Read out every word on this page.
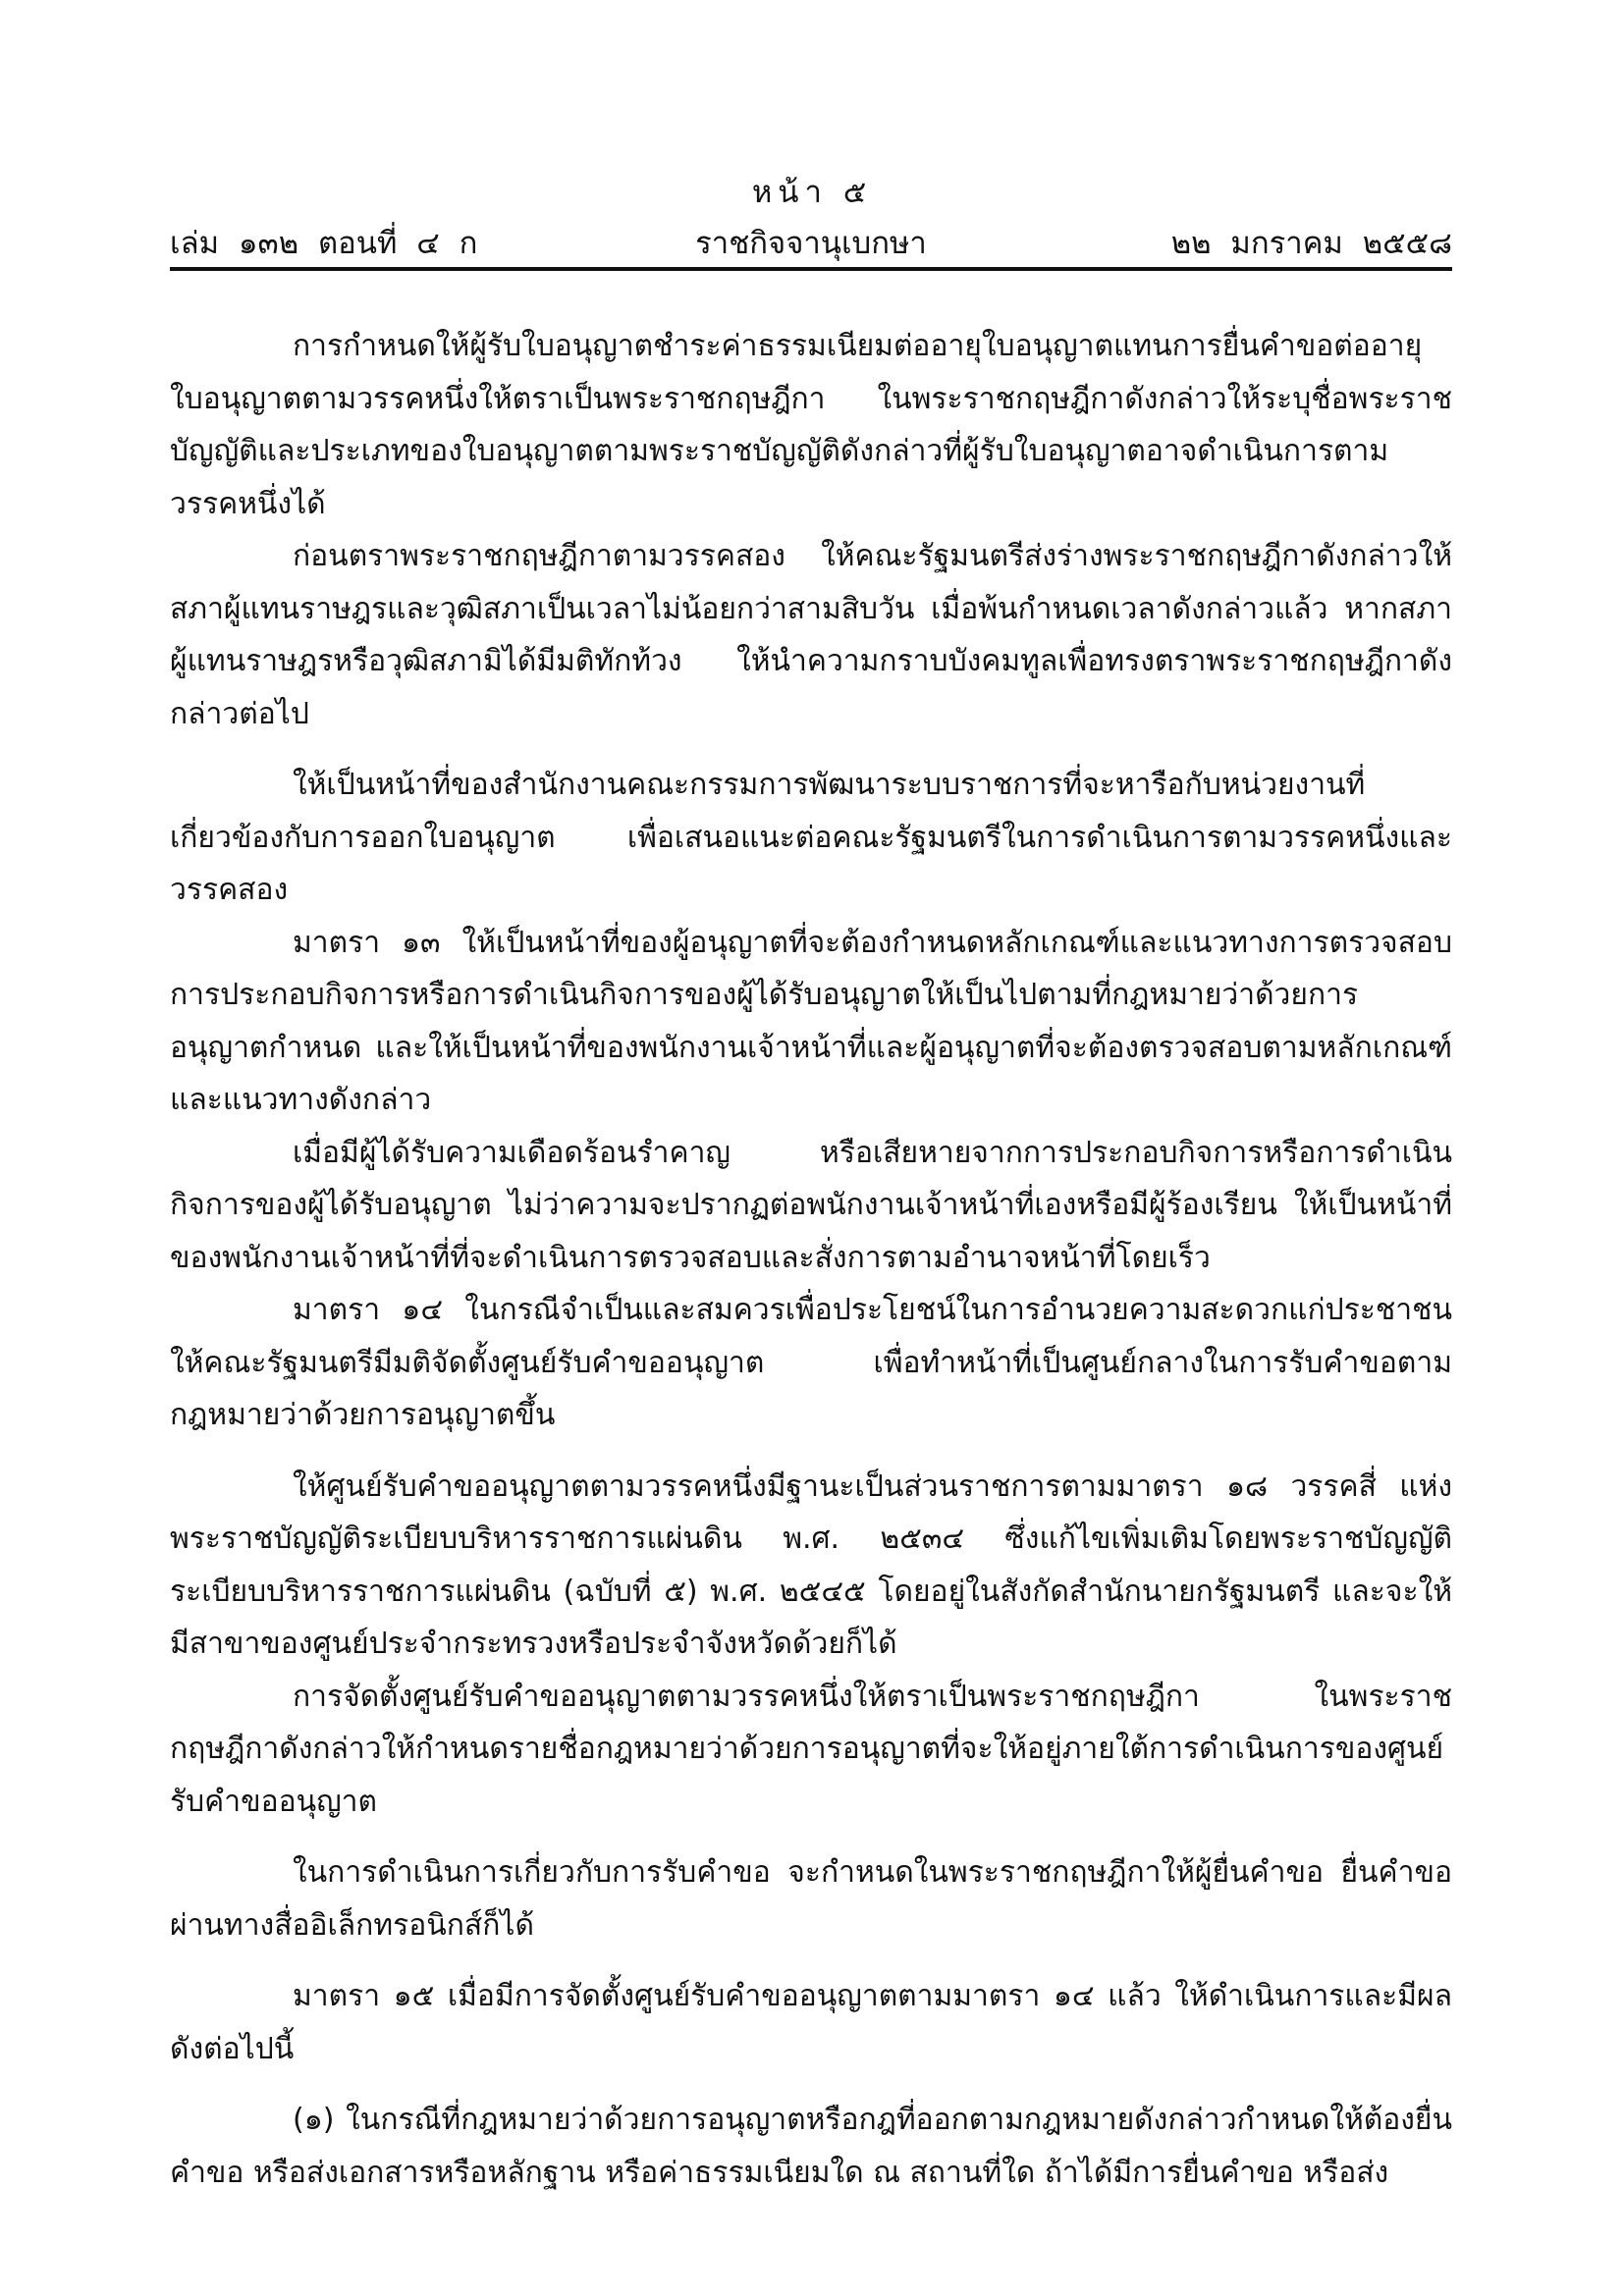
หน้า ๕
เล่ม ๑๓๒ ตอนที่ ๔ ก	ราชกิจจานุเบกษา	๒๒ มกราคม ๒๕๕๘

การกำหนดให้ผู้รับใบอนุญาตชำระค่าธรรมเนียมต่ออายุใบอนุญาตแทนการยื่นคำขอต่ออายุใบอนุญาตตามวรรคหนึ่งให้ตราเป็นพระราชกฤษฎีกา ในพระราชกฤษฎีกาดังกล่าวให้ระบุชื่อพระราชบัญญัติและประเภทของใบอนุญาตตามพระราชบัญญัติดังกล่าวที่ผู้รับใบอนุญาตอาจดำเนินการตามวรรคหนึ่งได้

ก่อนตราพระราชกฤษฎีกาตามวรรคสอง ให้คณะรัฐมนตรีส่งร่างพระราชกฤษฎีกาดังกล่าวให้สภาผู้แทนราษฎรและวุฒิสภาเป็นเวลาไม่น้อยกว่าสามสิบวัน เมื่อพ้นกำหนดเวลาดังกล่าวแล้ว หากสภาผู้แทนราษฎรหรือวุฒิสภามิได้มีมติทักท้วง ให้นำความกราบบังคมทูลเพื่อทรงตราพระราชกฤษฎีกาดังกล่าวต่อไป

ให้เป็นหน้าที่ของสำนักงานคณะกรรมการพัฒนาระบบราชการที่จะหารือกับหน่วยงานที่เกี่ยวข้องกับการออกใบอนุญาต เพื่อเสนอแนะต่อคณะรัฐมนตรีในการดำเนินการตามวรรคหนึ่งและวรรคสอง

มาตรา ๑๓ ให้เป็นหน้าที่ของผู้อนุญาตที่จะต้องกำหนดหลักเกณฑ์และแนวทางการตรวจสอบการประกอบกิจการหรือการดำเนินกิจการของผู้ได้รับอนุญาตให้เป็นไปตามที่กฎหมายว่าด้วยการอนุญาตกำหนด และให้เป็นหน้าที่ของพนักงานเจ้าหน้าที่และผู้อนุญาตที่จะต้องตรวจสอบตามหลักเกณฑ์และแนวทางดังกล่าว

เมื่อมีผู้ได้รับความเดือดร้อนรำคาญ หรือเสียหายจากการประกอบกิจการหรือการดำเนินกิจการของผู้ได้รับอนุญาต ไม่ว่าความจะปรากฏต่อพนักงานเจ้าหน้าที่เองหรือมีผู้ร้องเรียน ให้เป็นหน้าที่ของพนักงานเจ้าหน้าที่ที่จะดำเนินการตรวจสอบและสั่งการตามอำนาจหน้าที่โดยเร็ว

มาตรา ๑๔ ในกรณีจำเป็นและสมควรเพื่อประโยชน์ในการอำนวยความสะดวกแก่ประชาชน ให้คณะรัฐมนตรีมีมติจัดตั้งศูนย์รับคำขออนุญาต เพื่อทำหน้าที่เป็นศูนย์กลางในการรับคำขอตามกฎหมายว่าด้วยการอนุญาตขึ้น

ให้ศูนย์รับคำขออนุญาตตามวรรคหนึ่งมีฐานะเป็นส่วนราชการตามมาตรา ๑๘ วรรคสี่ แห่งพระราชบัญญัติระเบียบบริหารราชการแผ่นดิน พ.ศ. ๒๕๓๔ ซึ่งแก้ไขเพิ่มเติมโดยพระราชบัญญัติระเบียบบริหารราชการแผ่นดิน (ฉบับที่ ๕) พ.ศ. ๒๕๔๕ โดยอยู่ในสังกัดสำนักนายกรัฐมนตรี และจะให้มีสาขาของศูนย์ประจำกระทรวงหรือประจำจังหวัดด้วยก็ได้

การจัดตั้งศูนย์รับคำขออนุญาตตามวรรคหนึ่งให้ตราเป็นพระราชกฤษฎีกา ในพระราชกฤษฎีกาดังกล่าวให้กำหนดรายชื่อกฎหมายว่าด้วยการอนุญาตที่จะให้อยู่ภายใต้การดำเนินการของศูนย์รับคำขออนุญาต

ในการดำเนินการเกี่ยวกับการรับคำขอ จะกำหนดในพระราชกฤษฎีกาให้ผู้ยื่นคำขอ ยื่นคำขอผ่านทางสื่ออิเล็กทรอนิกส์ก็ได้

มาตรา ๑๕ เมื่อมีการจัดตั้งศูนย์รับคำขออนุญาตตามมาตรา ๑๔ แล้ว ให้ดำเนินการและมีผลดังต่อไปนี้

(๑) ในกรณีที่กฎหมายว่าด้วยการอนุญาตหรือกฎที่ออกตามกฎหมายดังกล่าวกำหนดให้ต้องยื่นคำขอ หรือส่งเอกสารหรือหลักฐาน หรือค่าธรรมเนียมใด ณ สถานที่ใด ถ้าได้มีการยื่นคำขอ หรือส่ง
